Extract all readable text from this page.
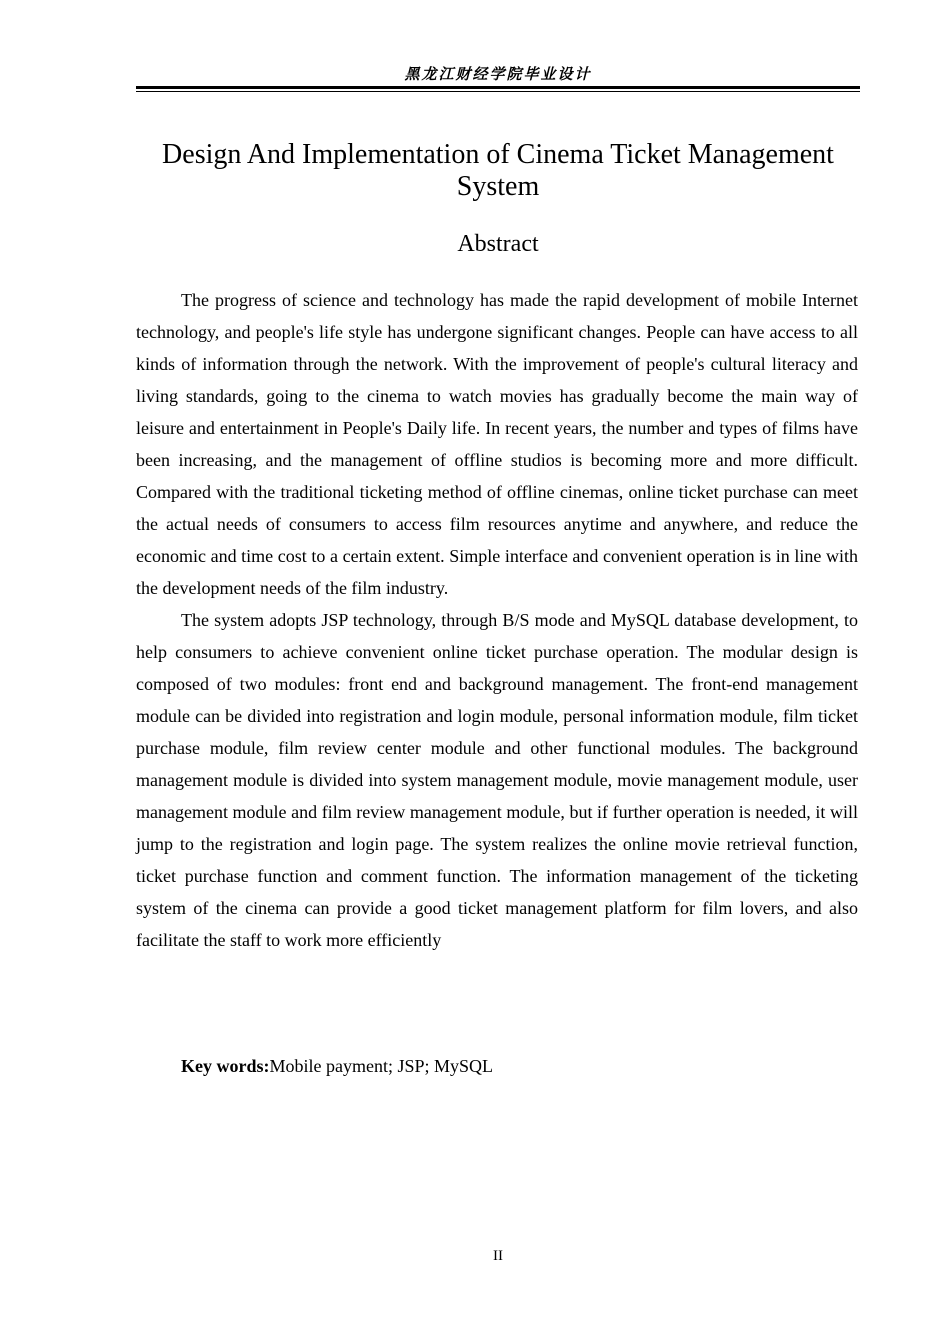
黑龙江财经学院毕业设计
Design And Implementation of Cinema Ticket Management
System
Abstract

The progress of science and technology has made the rapid development of mobile Internet technology, and people's life style has undergone significant changes. People can have access to all kinds of information through the network. With the improvement of people's cultural literacy and living standards, going to the cinema to watch movies has gradually become the main way of leisure and entertainment in People's Daily life. In recent years, the number and types of films have been increasing, and the management of offline studios is becoming more and more difficult. Compared with the traditional ticketing method of offline cinemas, online ticket purchase can meet the actual needs of consumers to access film resources anytime and anywhere, and reduce the economic and time cost to a certain extent. Simple interface and convenient operation is in line with the development needs of the film industry.

The system adopts JSP technology, through B/S mode and MySQL database development, to help consumers to achieve convenient online ticket purchase operation. The modular design is composed of two modules: front end and background management. The front-end management module can be divided into registration and login module, personal information module, film ticket purchase module, film review center module and other functional modules. The background management module is divided into system management module, movie management module, user management module and film review management module, but if further operation is needed, it will jump to the registration and login page. The system realizes the online movie retrieval function, ticket purchase function and comment function. The information management of the ticketing system of the cinema can provide a good ticket management platform for film lovers, and also facilitate the staff to work more efficiently

Key words:Mobile payment; JSP; MySQL
II
